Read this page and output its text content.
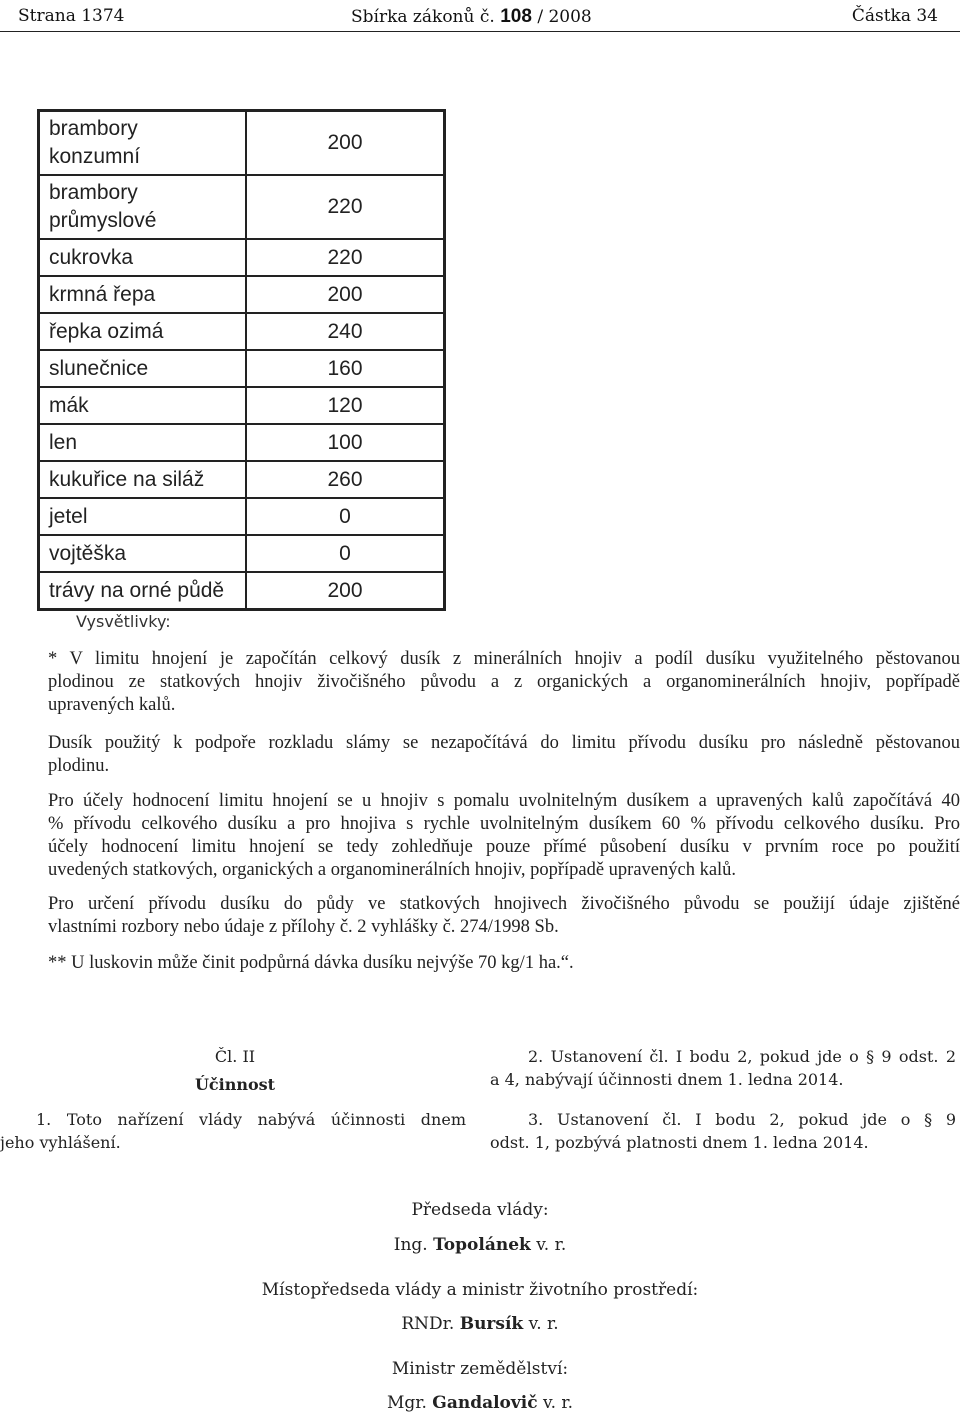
Strana 1374	Sbírka zákonů č. 108 / 2008	Částka 34
brambory
konzumní	200
brambory
průmyslové	220
cukrovka	220
krmná řepa	200
řepka ozimá	240
slunečnice	160
mák	120
len	100
kukuřice na siláž	260
jetel	0
vojtěška	0
trávy na orné půdě	200
Vysvětlivky:
* V limitu hnojení je započítán celkový dusík z minerálních hnojiv a podíl dusíku využitelného pěstovanou
plodinou ze statkových hnojiv živočišného původu a z organických a organominerálních hnojiv, popřípadě
upravených kalů.
Dusík použitý k podpoře rozkladu slámy se nezapočítává do limitu přívodu dusíku pro následně pěstovanou
plodinu.
Pro účely hodnocení limitu hnojení se u hnojiv s pomalu uvolnitelným dusíkem a upravených kalů započítává 40
% přívodu celkového dusíku a pro hnojiva s rychle uvolnitelným dusíkem 60 % přívodu celkového dusíku. Pro
účely hodnocení limitu hnojení se tedy zohledňuje pouze přímé působení dusíku v prvním roce po použití
uvedených statkových, organických a organominerálních hnojiv, popřípadě upravených kalů.
Pro určení přívodu dusíku do půdy ve statkových hnojivech živočišného původu se použijí údaje zjištěné
vlastními rozbory nebo údaje z přílohy č. 2 vyhlášky č. 274/1998 Sb.
** U luskovin může činit podpůrná dávka dusíku nejvýše 70 kg/1 ha.“.
Čl. II
Účinnost
1. Toto nařízení vlády nabývá účinnosti dnem
jeho vyhlášení.
2. Ustanovení čl. I bodu 2, pokud jde o § 9 odst. 2
a 4, nabývají účinnosti dnem 1. ledna 2014.
3. Ustanovení čl. I bodu 2, pokud jde o § 9
odst. 1, pozbývá platnosti dnem 1. ledna 2014.
Předseda vlády:
Ing. Topolánek v. r.
Místopředseda vlády a ministr životního prostředí:
RNDr. Bursík v. r.
Ministr zemědělství:
Mgr. Gandalovič v. r.
